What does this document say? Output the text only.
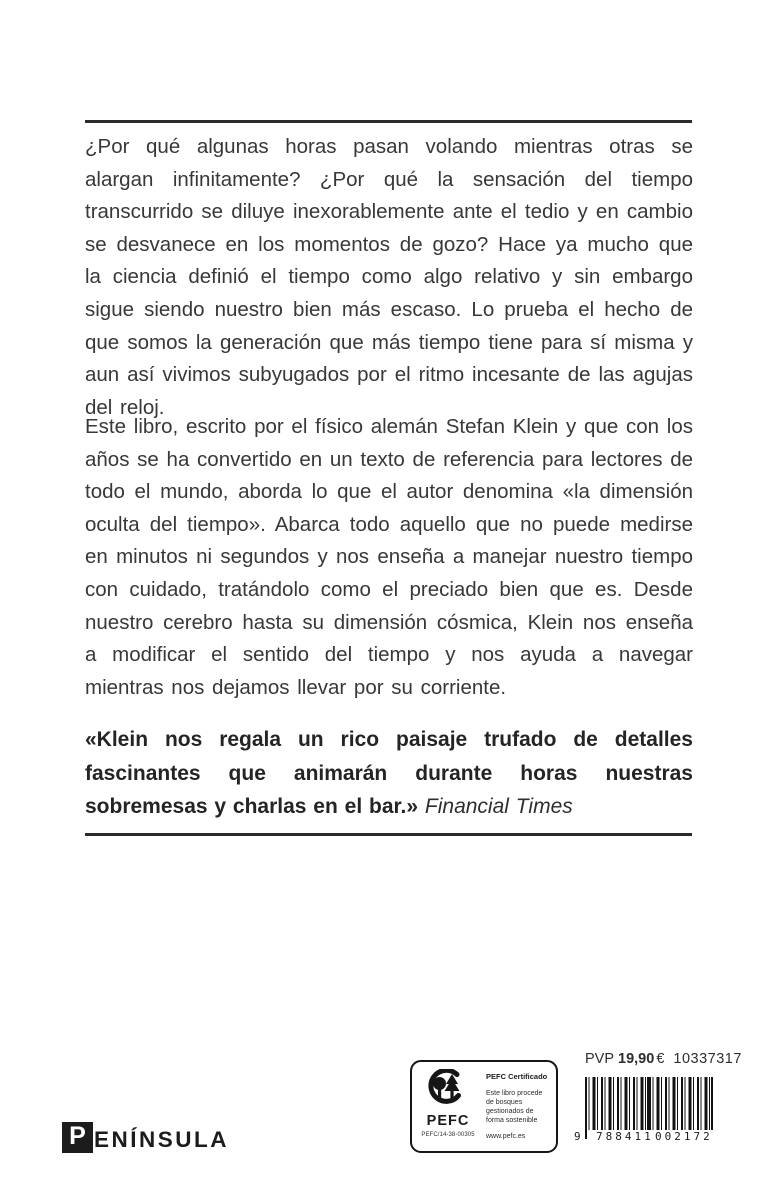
¿Por qué algunas horas pasan volando mientras otras se alargan infinitamente? ¿Por qué la sensación del tiempo transcurrido se diluye inexorablemente ante el tedio y en cambio se desvanece en los momentos de gozo? Hace ya mucho que la ciencia definió el tiempo como algo relativo y sin embargo sigue siendo nuestro bien más escaso. Lo prueba el hecho de que somos la generación que más tiempo tiene para sí misma y aun así vivimos subyugados por el ritmo incesante de las agujas del reloj.

Este libro, escrito por el físico alemán Stefan Klein y que con los años se ha convertido en un texto de referencia para lectores de todo el mundo, aborda lo que el autor denomina «la dimensión oculta del tiempo». Abarca todo aquello que no puede medirse en minutos ni segundos y nos enseña a manejar nuestro tiempo con cuidado, tratándolo como el preciado bien que es. Desde nuestro cerebro hasta su dimensión cósmica, Klein nos enseña a modificar el sentido del tiempo y nos ayuda a navegar mientras nos dejamos llevar por su corriente.

«Klein nos regala un rico paisaje trufado de detalles fascinantes que animarán durante horas nuestras sobremesas y charlas en el bar.» Financial Times

PEFC
PEFC/14-38-00305
PEFC Certificado
Este libro procede de bosques gestionados de forma sostenible
www.pefc.es
PVP 19,90 € 10337317
9 788411 002172
P ENÍNSULA
